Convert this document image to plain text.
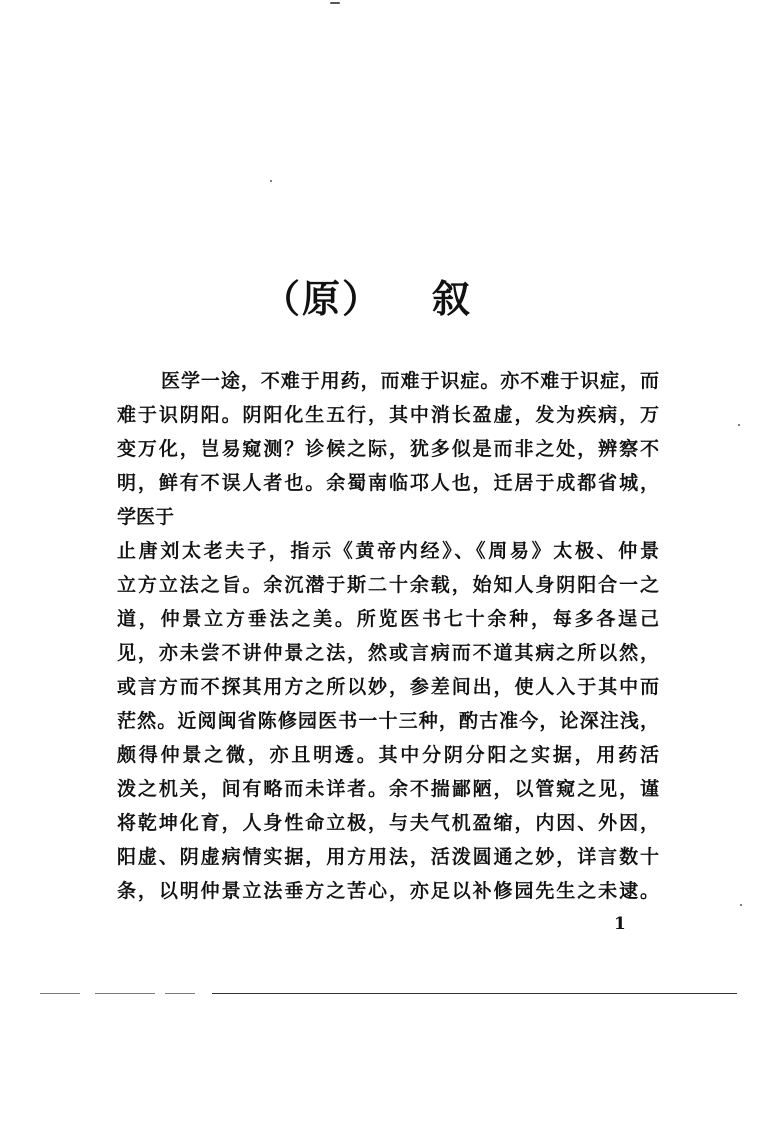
（原） 叙
医学一途，不难于用药，而难于识症。亦不难于识症，而
难于识阴阳。阴阳化生五行，其中消长盈虚，发为疾病，万
变万化，岂易窥测？诊候之际，犹多似是而非之处，辨察不
明，鲜有不误人者也。余蜀南临邛人也，迁居于成都省城，
学医于
止唐刘太老夫子，指示《黄帝内经》、《周易》太极、仲景
立方立法之旨。余沉潜于斯二十余载，始知人身阴阳合一之
道，仲景立方垂法之美。所览医书七十余种，每多各逞己
见，亦未尝不讲仲景之法，然或言病而不道其病之所以然，
或言方而不探其用方之所以妙，参差间出，使人入于其中而
茫然。近阅闽省陈修园医书一十三种，酌古准今，论深注浅，
颇得仲景之微，亦且明透。其中分阴分阳之实据，用药活
泼之机关，间有略而未详者。余不揣鄙陋，以管窥之见，谨
将乾坤化育，人身性命立极，与夫气机盈缩，内因、外因，
阳虚、阴虚病情实据，用方用法，活泼圆通之妙，详言数十
条，以明仲景立法垂方之苦心，亦足以补修园先生之未逮。
1
